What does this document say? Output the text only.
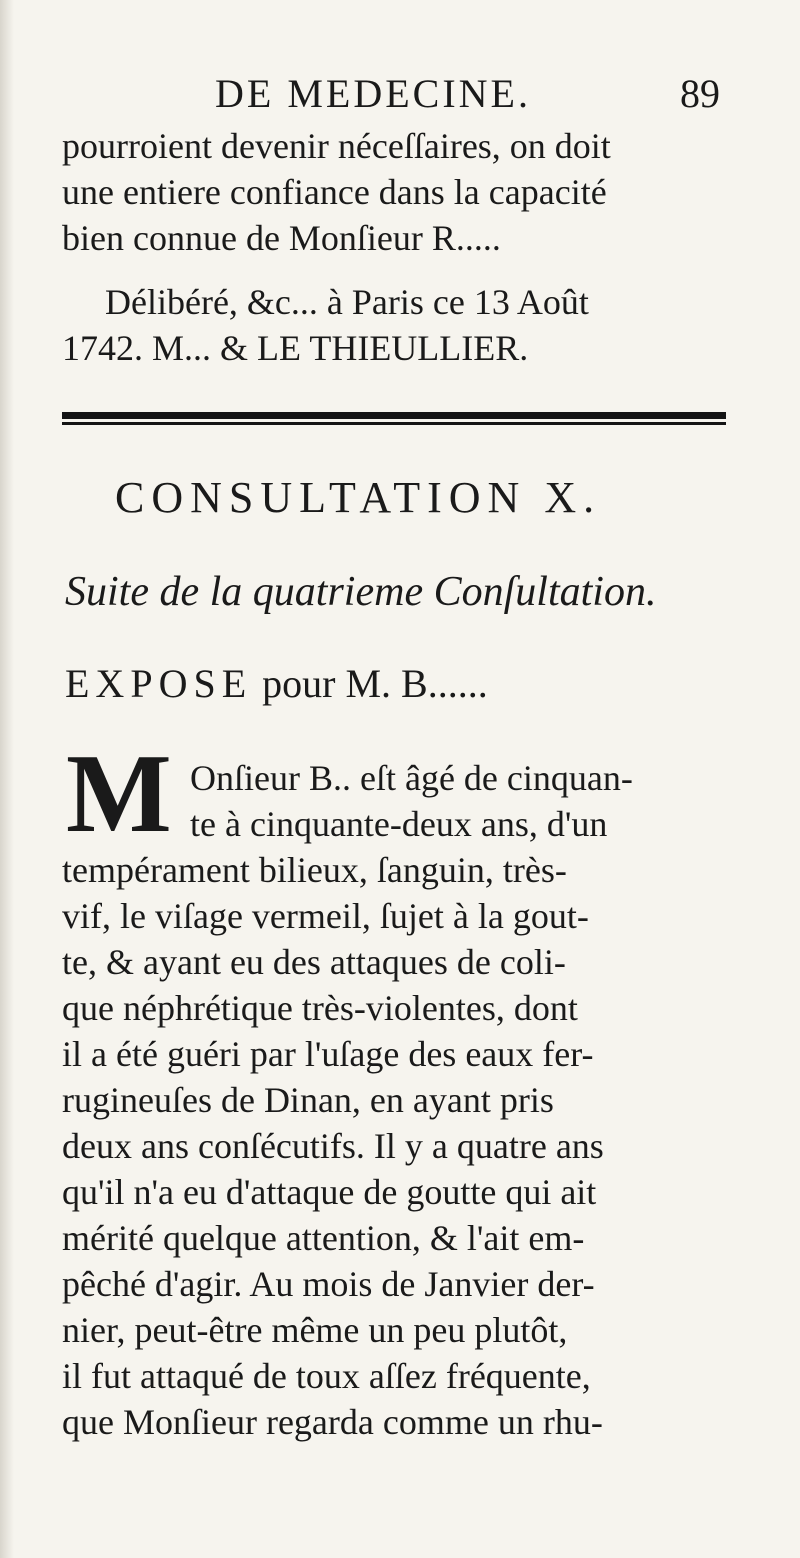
DE MEDECINE.	89
pourroient devenir néceſſaires, on doit
une entiere confiance dans la capacité
bien connue de Monſieur R.....
Délibéré, &c... à Paris ce 13 Août
1742. M... & LE THIEULLIER.
CONSULTATION X.
Suite de la quatrieme Conſultation.
EXPOSE pour M. B......
M Onſieur B.. eſt âgé de cinquan-
te à cinquante-deux ans, d'un
tempérament bilieux, ſanguin, très-
vif, le viſage vermeil, ſujet à la gout-
te, & ayant eu des attaques de coli-
que néphrétique très-violentes, dont
il a été guéri par l'uſage des eaux fer-
rugineuſes de Dinan, en ayant pris
deux ans conſécutifs. Il y a quatre ans
qu'il n'a eu d'attaque de goutte qui ait
mérité quelque attention, & l'ait em-
pêché d'agir. Au mois de Janvier der-
nier, peut-être même un peu plutôt,
il fut attaqué de toux aſſez fréquente,
que Monſieur regarda comme un rhu-
